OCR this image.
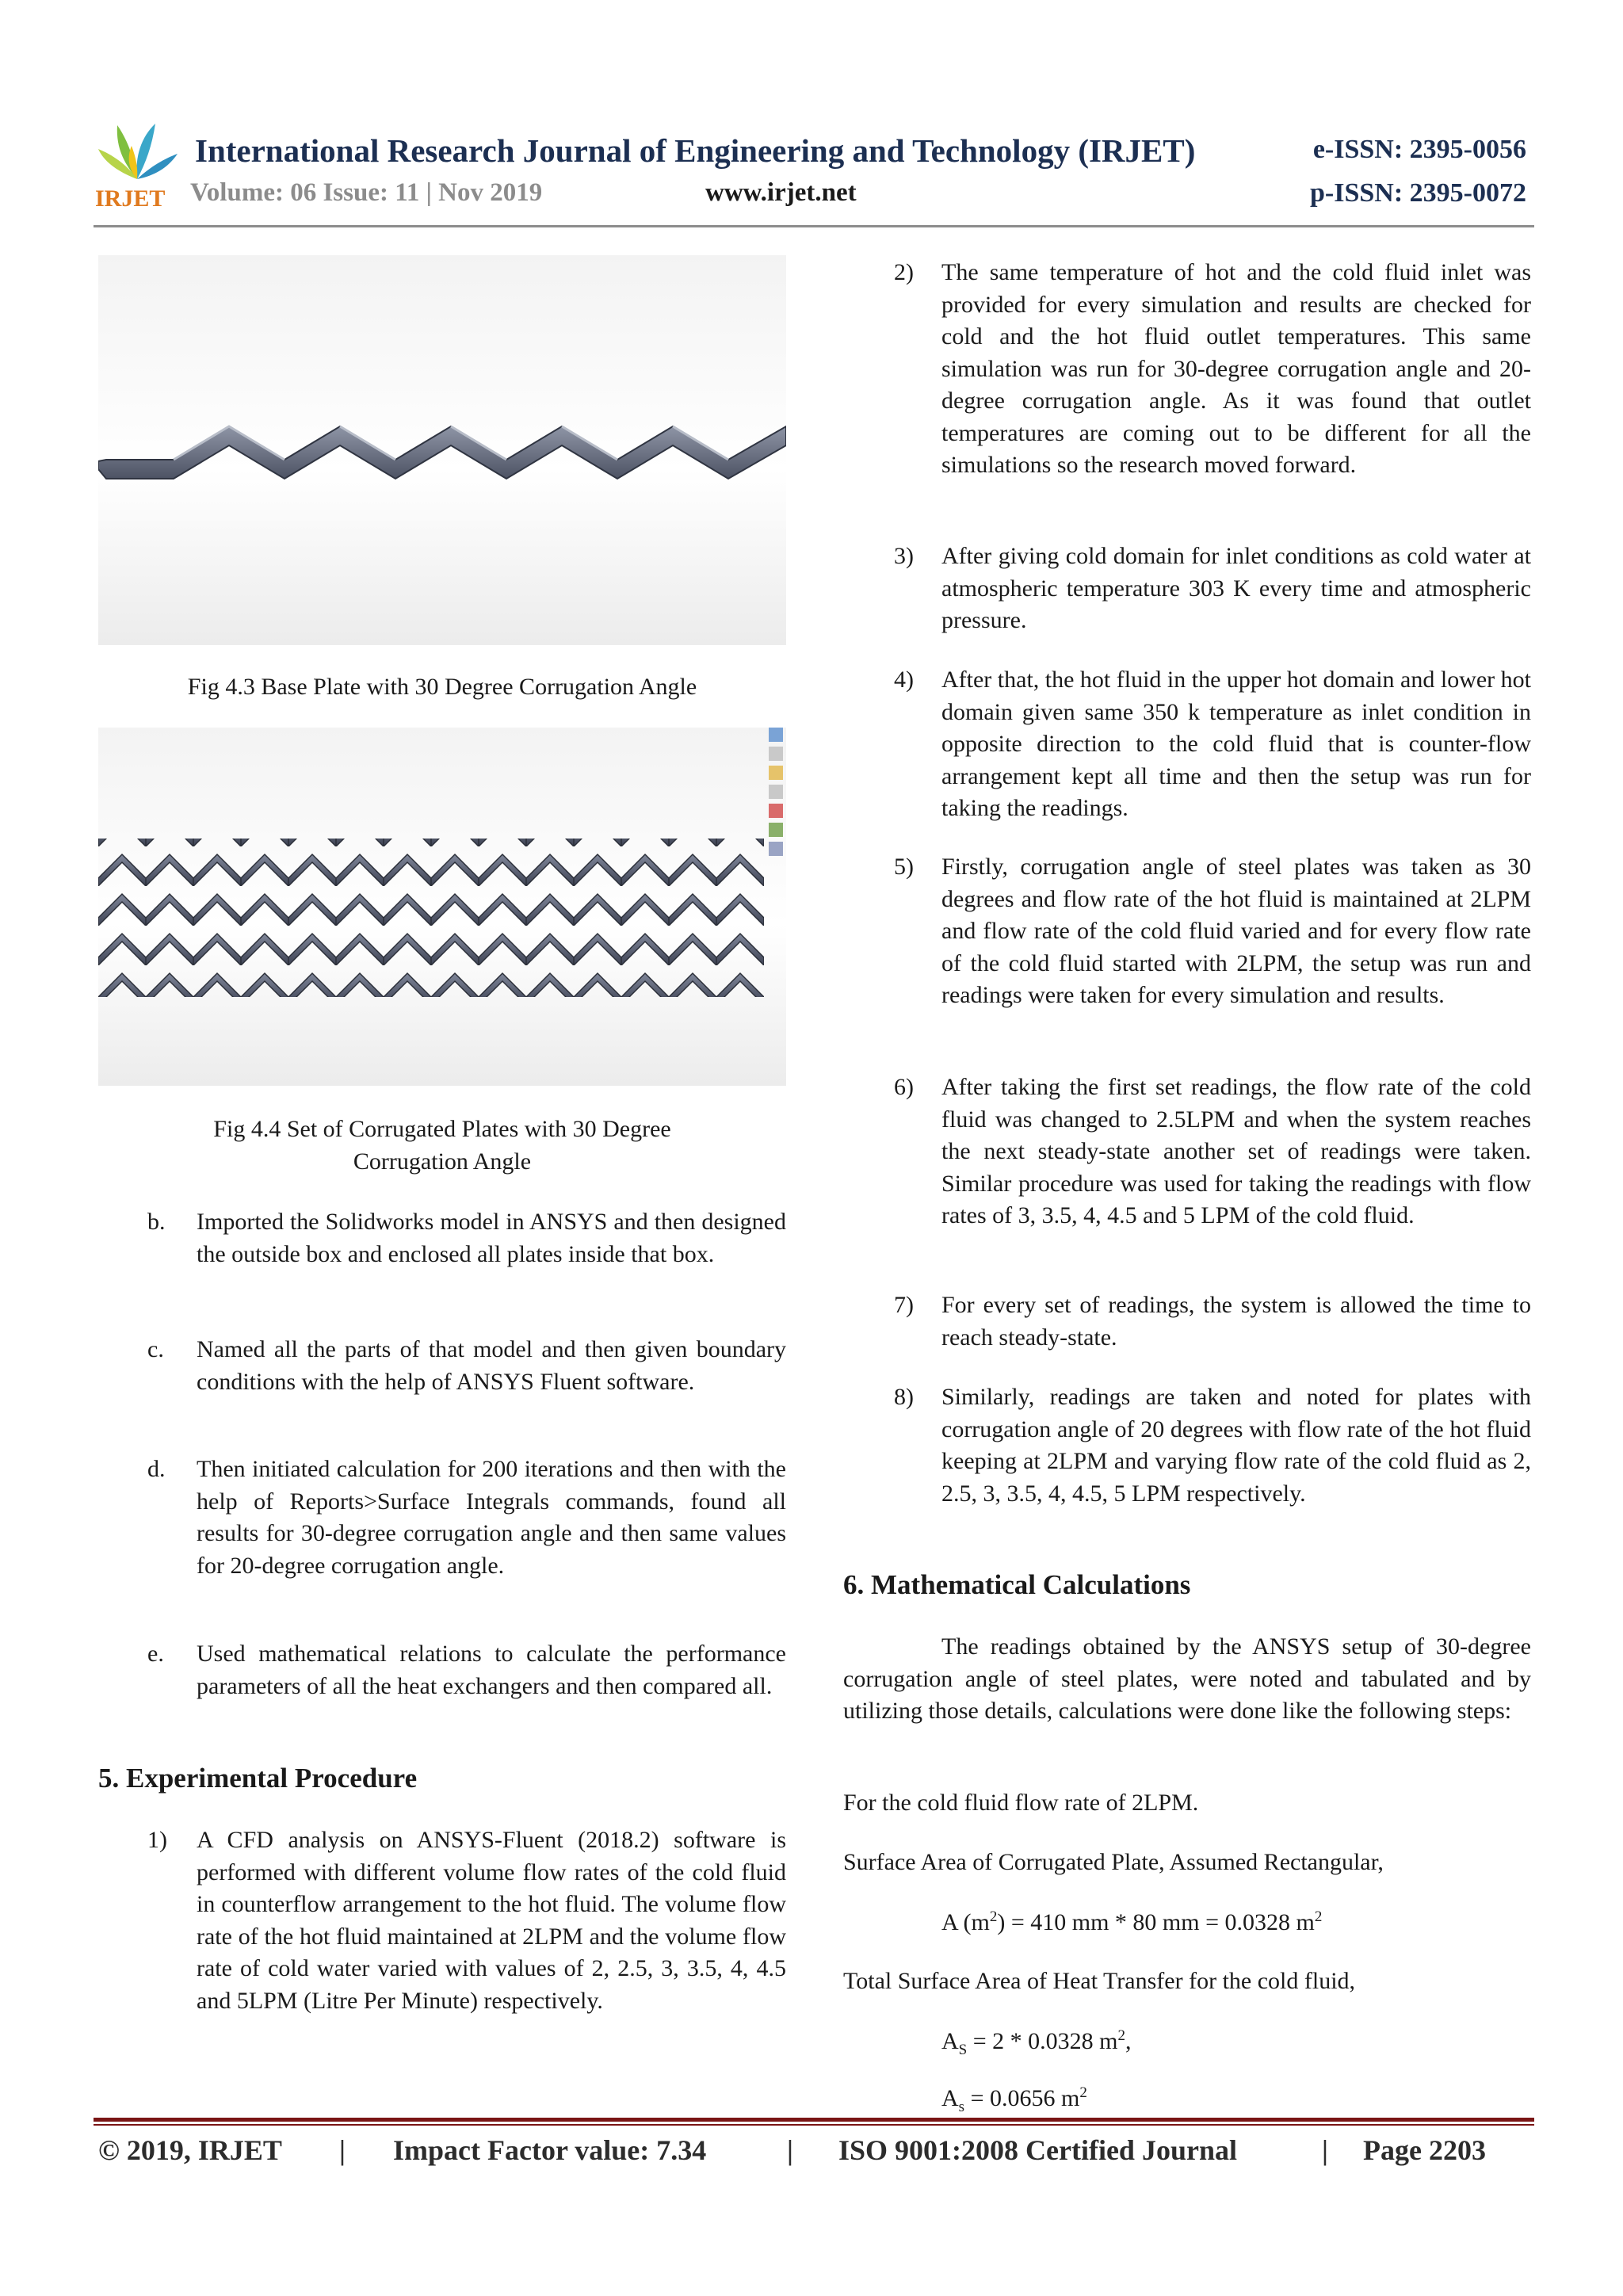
IRJET
International Research Journal of Engineering and Technology (IRJET)	e-ISSN: 2395-0056
Volume: 06 Issue: 11 | Nov 2019	www.irjet.net	p-ISSN: 2395-0072
Fig 4.3 Base Plate with 30 Degree Corrugation Angle
Fig 4.4 Set of Corrugated Plates with 30 Degree
Corrugation Angle
b. Imported the Solidworks model in ANSYS and then designed the outside box and enclosed all plates inside that box.
c. Named all the parts of that model and then given boundary conditions with the help of ANSYS Fluent software.
d. Then initiated calculation for 200 iterations and then with the help of Reports>Surface Integrals commands, found all results for 30-degree corrugation angle and then same values for 20-degree corrugation angle.
e. Used mathematical relations to calculate the performance parameters of all the heat exchangers and then compared all.
5. Experimental Procedure
1) A CFD analysis on ANSYS-Fluent (2018.2) software is performed with different volume flow rates of the cold fluid in counterflow arrangement to the hot fluid. The volume flow rate of the hot fluid maintained at 2LPM and the volume flow rate of cold water varied with values of 2, 2.5, 3, 3.5, 4, 4.5 and 5LPM (Litre Per Minute) respectively.
2) The same temperature of hot and the cold fluid inlet was provided for every simulation and results are checked for cold and the hot fluid outlet temperatures. This same simulation was run for 30-degree corrugation angle and 20-degree corrugation angle. As it was found that outlet temperatures are coming out to be different for all the simulations so the research moved forward.
3) After giving cold domain for inlet conditions as cold water at atmospheric temperature 303 K every time and atmospheric pressure.
4) After that, the hot fluid in the upper hot domain and lower hot domain given same 350 k temperature as inlet condition in opposite direction to the cold fluid that is counter-flow arrangement kept all time and then the setup was run for taking the readings.
5) Firstly, corrugation angle of steel plates was taken as 30 degrees and flow rate of the hot fluid is maintained at 2LPM and flow rate of the cold fluid varied and for every flow rate of the cold fluid started with 2LPM, the setup was run and readings were taken for every simulation and results.
6) After taking the first set readings, the flow rate of the cold fluid was changed to 2.5LPM and when the system reaches the next steady-state another set of readings were taken. Similar procedure was used for taking the readings with flow rates of 3, 3.5, 4, 4.5 and 5 LPM of the cold fluid.
7) For every set of readings, the system is allowed the time to reach steady-state.
8) Similarly, readings are taken and noted for plates with corrugation angle of 20 degrees with flow rate of the hot fluid keeping at 2LPM and varying flow rate of the cold fluid as 2, 2.5, 3, 3.5, 4, 4.5, 5 LPM respectively.
6. Mathematical Calculations
The readings obtained by the ANSYS setup of 30-degree corrugation angle of steel plates, were noted and tabulated and by utilizing those details, calculations were done like the following steps:
For the cold fluid flow rate of 2LPM.
Surface Area of Corrugated Plate, Assumed Rectangular,
A $(m^2) = 410$ mm * 80 mm = 0.0328 $m^2$
Total Surface Area of Heat Transfer for the cold fluid,
$A_S = 2 * 0.0328$ $m^2$,
$A_s = 0.0656$ $m^2$
© 2019, IRJET | Impact Factor value: 7.34	| ISO 9001:2008 Certified Journal	| Page 2203
